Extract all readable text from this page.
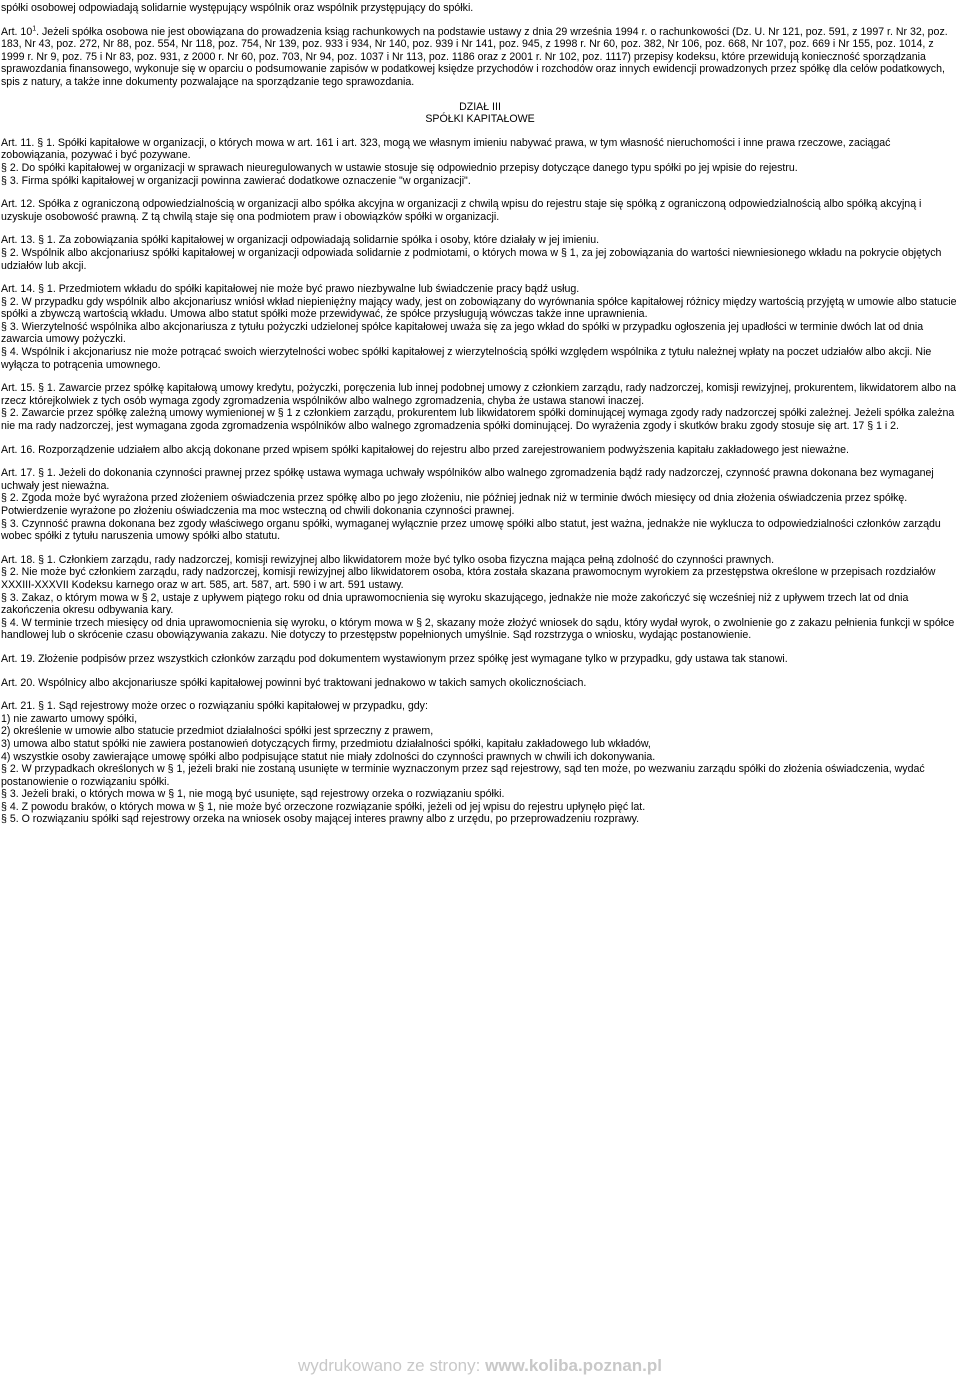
spółki osobowej odpowiadają solidarnie występujący wspólnik oraz wspólnik przystępujący do spółki.

Art. $10^1$. Jeżeli spółka osobowa nie jest obowiązana do prowadzenia ksiąg rachunkowych na podstawie ustawy z dnia 29 września 1994 r. o rachunkowości (Dz. U. Nr 121, poz. 591, z 1997 r. Nr 32, poz. 183, Nr 43, poz. 272, Nr 88, poz. 554, Nr 118, poz. 754, Nr 139, poz. 933 i 934, Nr 140, poz. 939 i Nr 141, poz. 945, z 1998 r. Nr 60, poz. 382, Nr 106, poz. 668, Nr 107, poz. 669 i Nr 155, poz. 1014, z 1999 r. Nr 9, poz. 75 i Nr 83, poz. 931, z 2000 r. Nr 60, poz. 703, Nr 94, poz. 1037 i Nr 113, poz. 1186 oraz z 2001 r. Nr 102, poz. 1117) przepisy kodeksu, które przewidują konieczność sporządzania sprawozdania finansowego, wykonuje się w oparciu o podsumowanie zapisów w podatkowej księdze przychodów i rozchodów oraz innych ewidencji prowadzonych przez spółkę dla celów podatkowych, spis z natury, a także inne dokumenty pozwalające na sporządzanie tego sprawozdania.

DZIAŁ III
SPÓŁKI KAPITAŁOWE

Art. 11. § 1. Spółki kapitałowe w organizacji, o których mowa w art. 161 i art. 323, mogą we własnym imieniu nabywać prawa, w tym własność nieruchomości i inne prawa rzeczowe, zaciągać zobowiązania, pozywać i być pozywane.

§ 2. Do spółki kapitałowej w organizacji w sprawach nieuregulowanych w ustawie stosuje się odpowiednio przepisy dotyczące danego typu spółki po jej wpisie do rejestru.

§ 3. Firma spółki kapitałowej w organizacji powinna zawierać dodatkowe oznaczenie "w organizacji".

Art. 12. Spółka z ograniczoną odpowiedzialnością w organizacji albo spółka akcyjna w organizacji z chwilą wpisu do rejestru staje się spółką z ograniczoną odpowiedzialnością albo spółką akcyjną i uzyskuje osobowość prawną. Z tą chwilą staje się ona podmiotem praw i obowiązków spółki w organizacji.

Art. 13. § 1. Za zobowiązania spółki kapitałowej w organizacji odpowiadają solidarnie spółka i osoby, które działały w jej imieniu.

§ 2. Wspólnik albo akcjonariusz spółki kapitałowej w organizacji odpowiada solidarnie z podmiotami, o których mowa w § 1, za jej zobowiązania do wartości niewniesionego wkładu na pokrycie objętych udziałów lub akcji.

Art. 14. § 1. Przedmiotem wkładu do spółki kapitałowej nie może być prawo niezbywalne lub świadczenie pracy bądź usług.

§ 2. W przypadku gdy wspólnik albo akcjonariusz wniósł wkład niepieniężny mający wady, jest on zobowiązany do wyrównania spółce kapitałowej różnicy między wartością przyjętą w umowie albo statucie spółki a zbywczą wartością wkładu. Umowa albo statut spółki może przewidywać, że spółce przysługują wówczas także inne uprawnienia.

§ 3. Wierzytelność wspólnika albo akcjonariusza z tytułu pożyczki udzielonej spółce kapitałowej uważa się za jego wkład do spółki w przypadku ogłoszenia jej upadłości w terminie dwóch lat od dnia zawarcia umowy pożyczki.

§ 4. Wspólnik i akcjonariusz nie może potrącać swoich wierzytelności wobec spółki kapitałowej z wierzytelnością spółki względem wspólnika z tytułu należnej wpłaty na poczet udziałów albo akcji. Nie wyłącza to potrącenia umownego.

Art. 15. § 1. Zawarcie przez spółkę kapitałową umowy kredytu, pożyczki, poręczenia lub innej podobnej umowy z członkiem zarządu, rady nadzorczej, komisji rewizyjnej, prokurentem, likwidatorem albo na rzecz którejkolwiek z tych osób wymaga zgody zgromadzenia wspólników albo walnego zgromadzenia, chyba że ustawa stanowi inaczej.

§ 2. Zawarcie przez spółkę zależną umowy wymienionej w § 1 z członkiem zarządu, prokurentem lub likwidatorem spółki dominującej wymaga zgody rady nadzorczej spółki zależnej. Jeżeli spółka zależna nie ma rady nadzorczej, jest wymagana zgoda zgromadzenia wspólników albo walnego zgromadzenia spółki dominującej. Do wyrażenia zgody i skutków braku zgody stosuje się art. 17 § 1 i 2.

Art. 16. Rozporządzenie udziałem albo akcją dokonane przed wpisem spółki kapitałowej do rejestru albo przed zarejestrowaniem podwyższenia kapitału zakładowego jest nieważne.

Art. 17. § 1. Jeżeli do dokonania czynności prawnej przez spółkę ustawa wymaga uchwały wspólników albo walnego zgromadzenia bądź rady nadzorczej, czynność prawna dokonana bez wymaganej uchwały jest nieważna.

§ 2. Zgoda może być wyrażona przed złożeniem oświadczenia przez spółkę albo po jego złożeniu, nie później jednak niż w terminie dwóch miesięcy od dnia złożenia oświadczenia przez spółkę. Potwierdzenie wyrażone po złożeniu oświadczenia ma moc wsteczną od chwili dokonania czynności prawnej.

§ 3. Czynność prawna dokonana bez zgody właściwego organu spółki, wymaganej wyłącznie przez umowę spółki albo statut, jest ważna, jednakże nie wyklucza to odpowiedzialności członków zarządu wobec spółki z tytułu naruszenia umowy spółki albo statutu.

Art. 18. § 1. Członkiem zarządu, rady nadzorczej, komisji rewizyjnej albo likwidatorem może być tylko osoba fizyczna mająca pełną zdolność do czynności prawnych.

§ 2. Nie może być członkiem zarządu, rady nadzorczej, komisji rewizyjnej albo likwidatorem osoba, która została skazana prawomocnym wyrokiem za przestępstwa określone w przepisach rozdziałów XXXIII-XXXVII Kodeksu karnego oraz w art. 585, art. 587, art. 590 i w art. 591 ustawy.

§ 3. Zakaz, o którym mowa w § 2, ustaje z upływem piątego roku od dnia uprawomocnienia się wyroku skazującego, jednakże nie może zakończyć się wcześniej niż z upływem trzech lat od dnia zakończenia okresu odbywania kary.

§ 4. W terminie trzech miesięcy od dnia uprawomocnienia się wyroku, o którym mowa w § 2, skazany może złożyć wniosek do sądu, który wydał wyrok, o zwolnienie go z zakazu pełnienia funkcji w spółce handlowej lub o skrócenie czasu obowiązywania zakazu. Nie dotyczy to przestępstw popełnionych umyślnie. Sąd rozstrzyga o wniosku, wydając postanowienie.

Art. 19. Złożenie podpisów przez wszystkich członków zarządu pod dokumentem wystawionym przez spółkę jest wymagane tylko w przypadku, gdy ustawa tak stanowi.

Art. 20. Wspólnicy albo akcjonariusze spółki kapitałowej powinni być traktowani jednakowo w takich samych okolicznościach.

Art. 21. § 1. Sąd rejestrowy może orzec o rozwiązaniu spółki kapitałowej w przypadku, gdy:

1) nie zawarto umowy spółki,

2) określenie w umowie albo statucie przedmiot działalności spółki jest sprzeczny z prawem,

3) umowa albo statut spółki nie zawiera postanowień dotyczących firmy, przedmiotu działalności spółki, kapitału zakładowego lub wkładów,

4) wszystkie osoby zawierające umowę spółki albo podpisujące statut nie miały zdolności do czynności prawnych w chwili ich dokonywania.

§ 2. W przypadkach określonych w § 1, jeżeli braki nie zostaną usunięte w terminie wyznaczonym przez sąd rejestrowy, sąd ten może, po wezwaniu zarządu spółki do złożenia oświadczenia, wydać postanowienie o rozwiązaniu spółki.

§ 3. Jeżeli braki, o których mowa w § 1, nie mogą być usunięte, sąd rejestrowy orzeka o rozwiązaniu spółki.

§ 4. Z powodu braków, o których mowa w § 1, nie może być orzeczone rozwiązanie spółki, jeżeli od jej wpisu do rejestru upłynęło pięć lat.

§ 5. O rozwiązaniu spółki sąd rejestrowy orzeka na wniosek osoby mającej interes prawny albo z urzędu, po przeprowadzeniu rozprawy.

wydrukowano ze strony: www.koliba.poznan.pl
